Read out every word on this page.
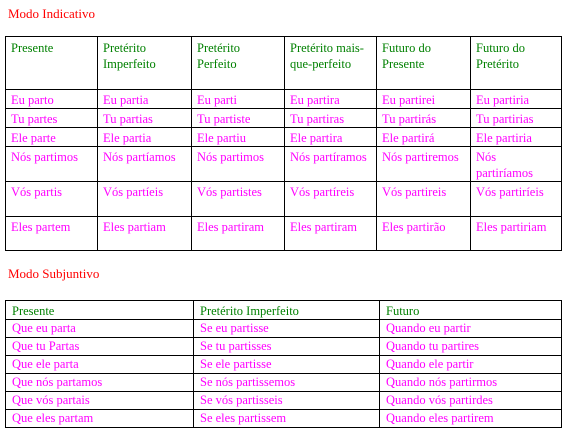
Modo Indicativo
Presente	Pretérito Imperfeito	Pretérito Perfeito	Pretérito mais-que-perfeito	Futuro do Presente	Futuro do Pretérito
Eu parto	Eu partia	Eu parti	Eu partira	Eu partirei	Eu partiria
Tu partes	Tu partias	Tu partiste	Tu partiras	Tu partirás	Tu partirias
Ele parte	Ele partia	Ele partiu	Ele partira	Ele partirá	Ele partiria
Nós partimos	Nós partíamos	Nós partimos	Nós partíramos	Nós partiremos	Nós partiríamos
Vós partis	Vós partíeis	Vós partistes	Vós partíreis	Vós partireis	Vós partiríeis
Eles partem	Eles partiam	Eles partiram	Eles partiram	Eles partirão	Eles partiriam
Modo Subjuntivo
Presente	Pretérito Imperfeito	Futuro
Que eu parta	Se eu partisse	Quando eu partir
Que tu Partas	Se tu partisses	Quando tu partires
Que ele parta	Se ele partisse	Quando ele partir
Que nós partamos	Se nós partissemos	Quando nós partirmos
Que vós partais	Se vós partisseis	Quando vós partirdes
Que eles partam	Se eles partissem	Quando eles partirem
